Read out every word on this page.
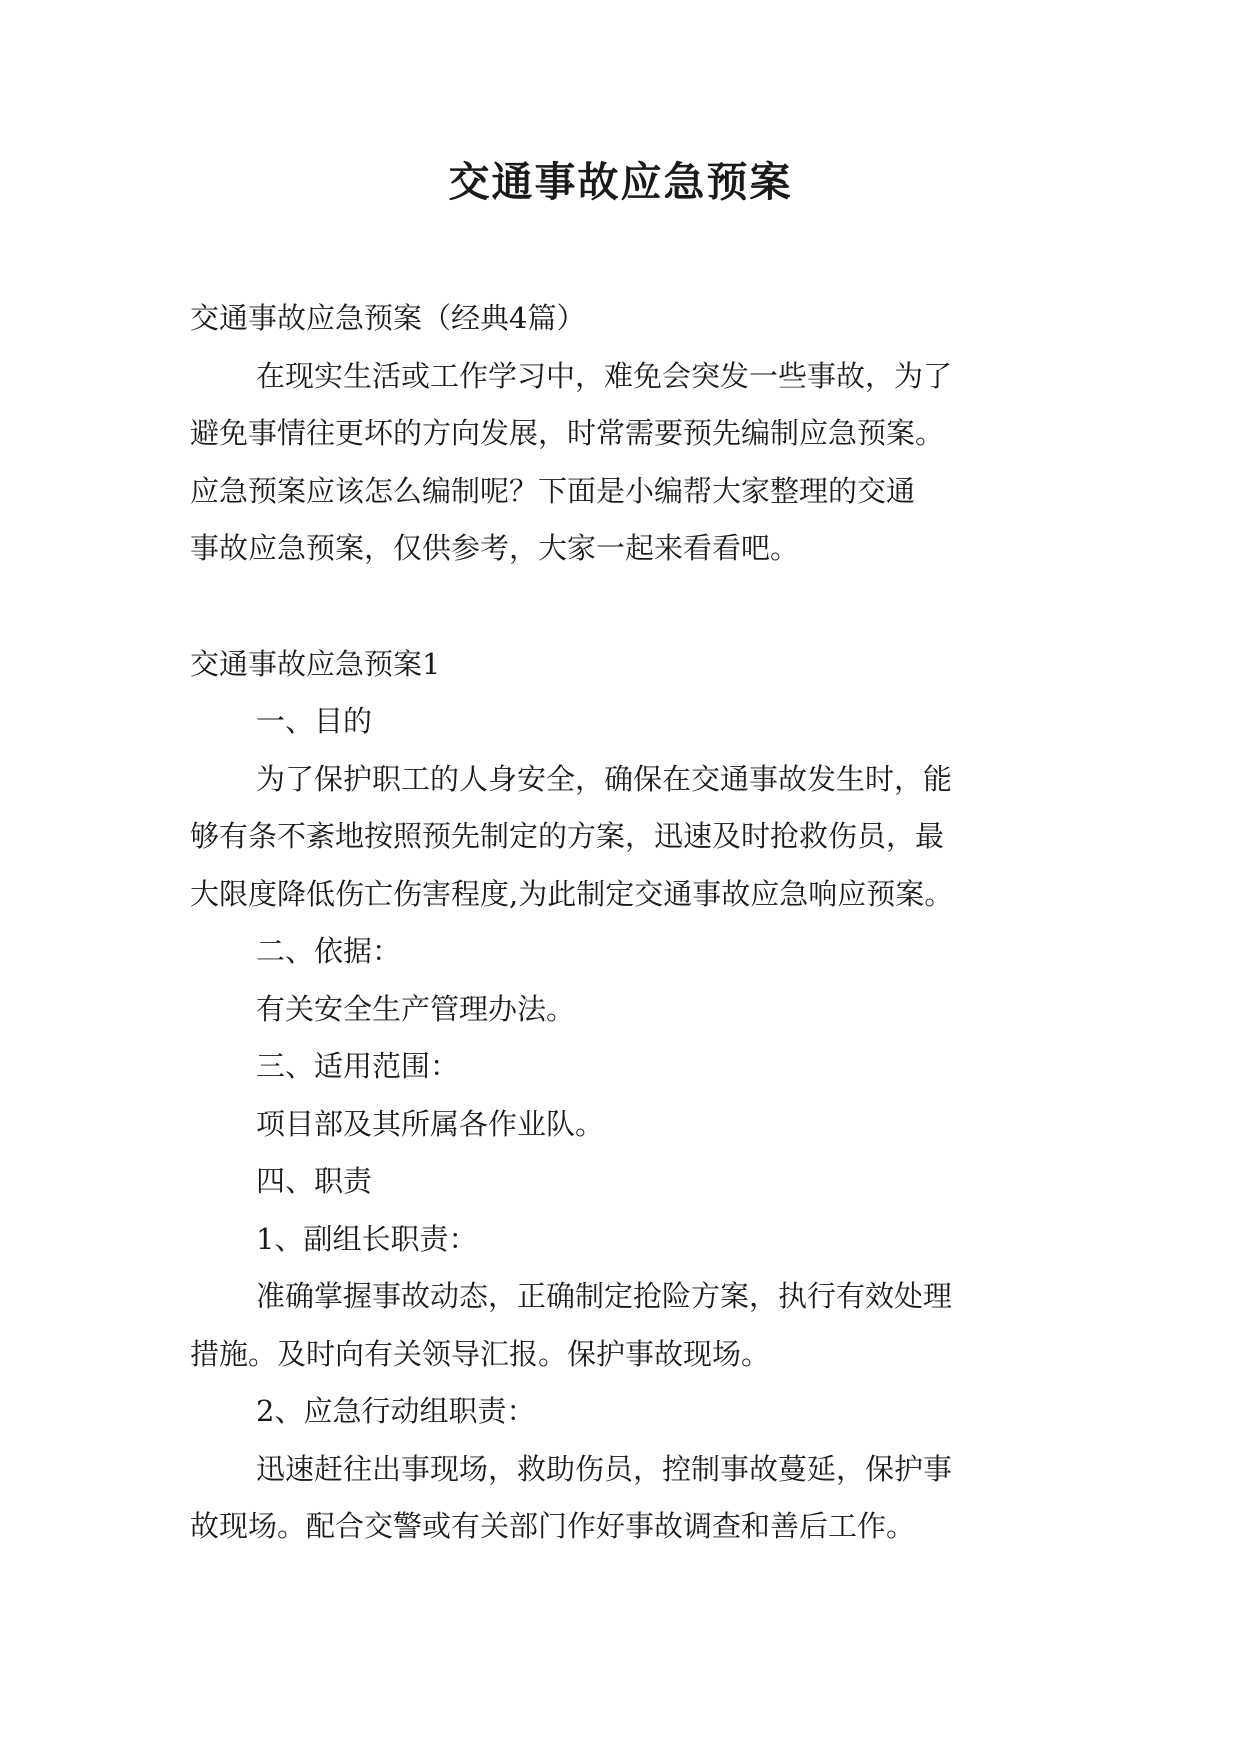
交通事故应急预案

交通事故应急预案（经典4篇）

在现实生活或工作学习中，难免会突发一些事故，为了
避免事情往更坏的方向发展，时常需要预先编制应急预案。
应急预案应该怎么编制呢？下面是小编帮大家整理的交通
事故应急预案，仅供参考，大家一起来看看吧。

交通事故应急预案1

一、目的
为了保护职工的人身安全，确保在交通事故发生时，能
够有条不紊地按照预先制定的方案，迅速及时抢救伤员，最
大限度降低伤亡伤害程度,为此制定交通事故应急响应预案。
二、依据：
有关安全生产管理办法。
三、适用范围：
项目部及其所属各作业队。
四、职责
1、副组长职责：
准确掌握事故动态，正确制定抢险方案，执行有效处理
措施。及时向有关领导汇报。保护事故现场。
2、应急行动组职责：
迅速赶往出事现场，救助伤员，控制事故蔓延，保护事
故现场。配合交警或有关部门作好事故调查和善后工作。
